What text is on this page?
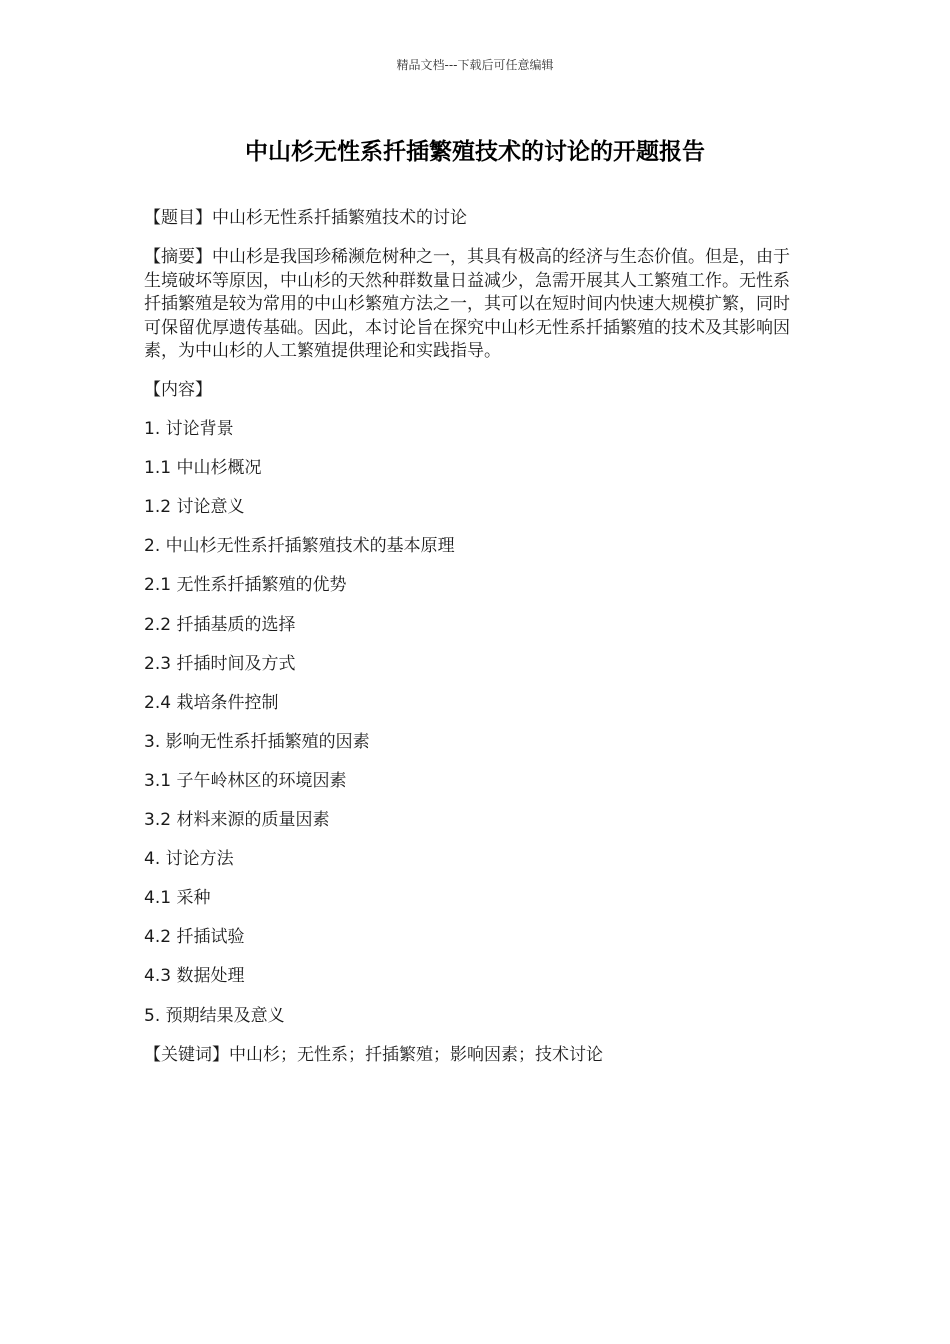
精品文档---下载后可任意编辑
中山杉无性系扦插繁殖技术的讨论的开题报告

【题目】中山杉无性系扦插繁殖技术的讨论

【摘要】中山杉是我国珍稀濒危树种之一，其具有极高的经济与生态价值。但是，由于生境破坏等原因，中山杉的天然种群数量日益减少，急需开展其人工繁殖工作。无性系扦插繁殖是较为常用的中山杉繁殖方法之一，其可以在短时间内快速大规模扩繁，同时可保留优厚遗传基础。因此，本讨论旨在探究中山杉无性系扦插繁殖的技术及其影响因素，为中山杉的人工繁殖提供理论和实践指导。

【内容】

1. 讨论背景

1.1 中山杉概况

1.2 讨论意义

2. 中山杉无性系扦插繁殖技术的基本原理

2.1 无性系扦插繁殖的优势

2.2 扦插基质的选择

2.3 扦插时间及方式

2.4 栽培条件控制

3. 影响无性系扦插繁殖的因素

3.1 子午岭林区的环境因素

3.2 材料来源的质量因素

4. 讨论方法

4.1 采种

4.2 扦插试验

4.3 数据处理

5. 预期结果及意义

【关键词】中山杉；无性系；扦插繁殖；影响因素；技术讨论
